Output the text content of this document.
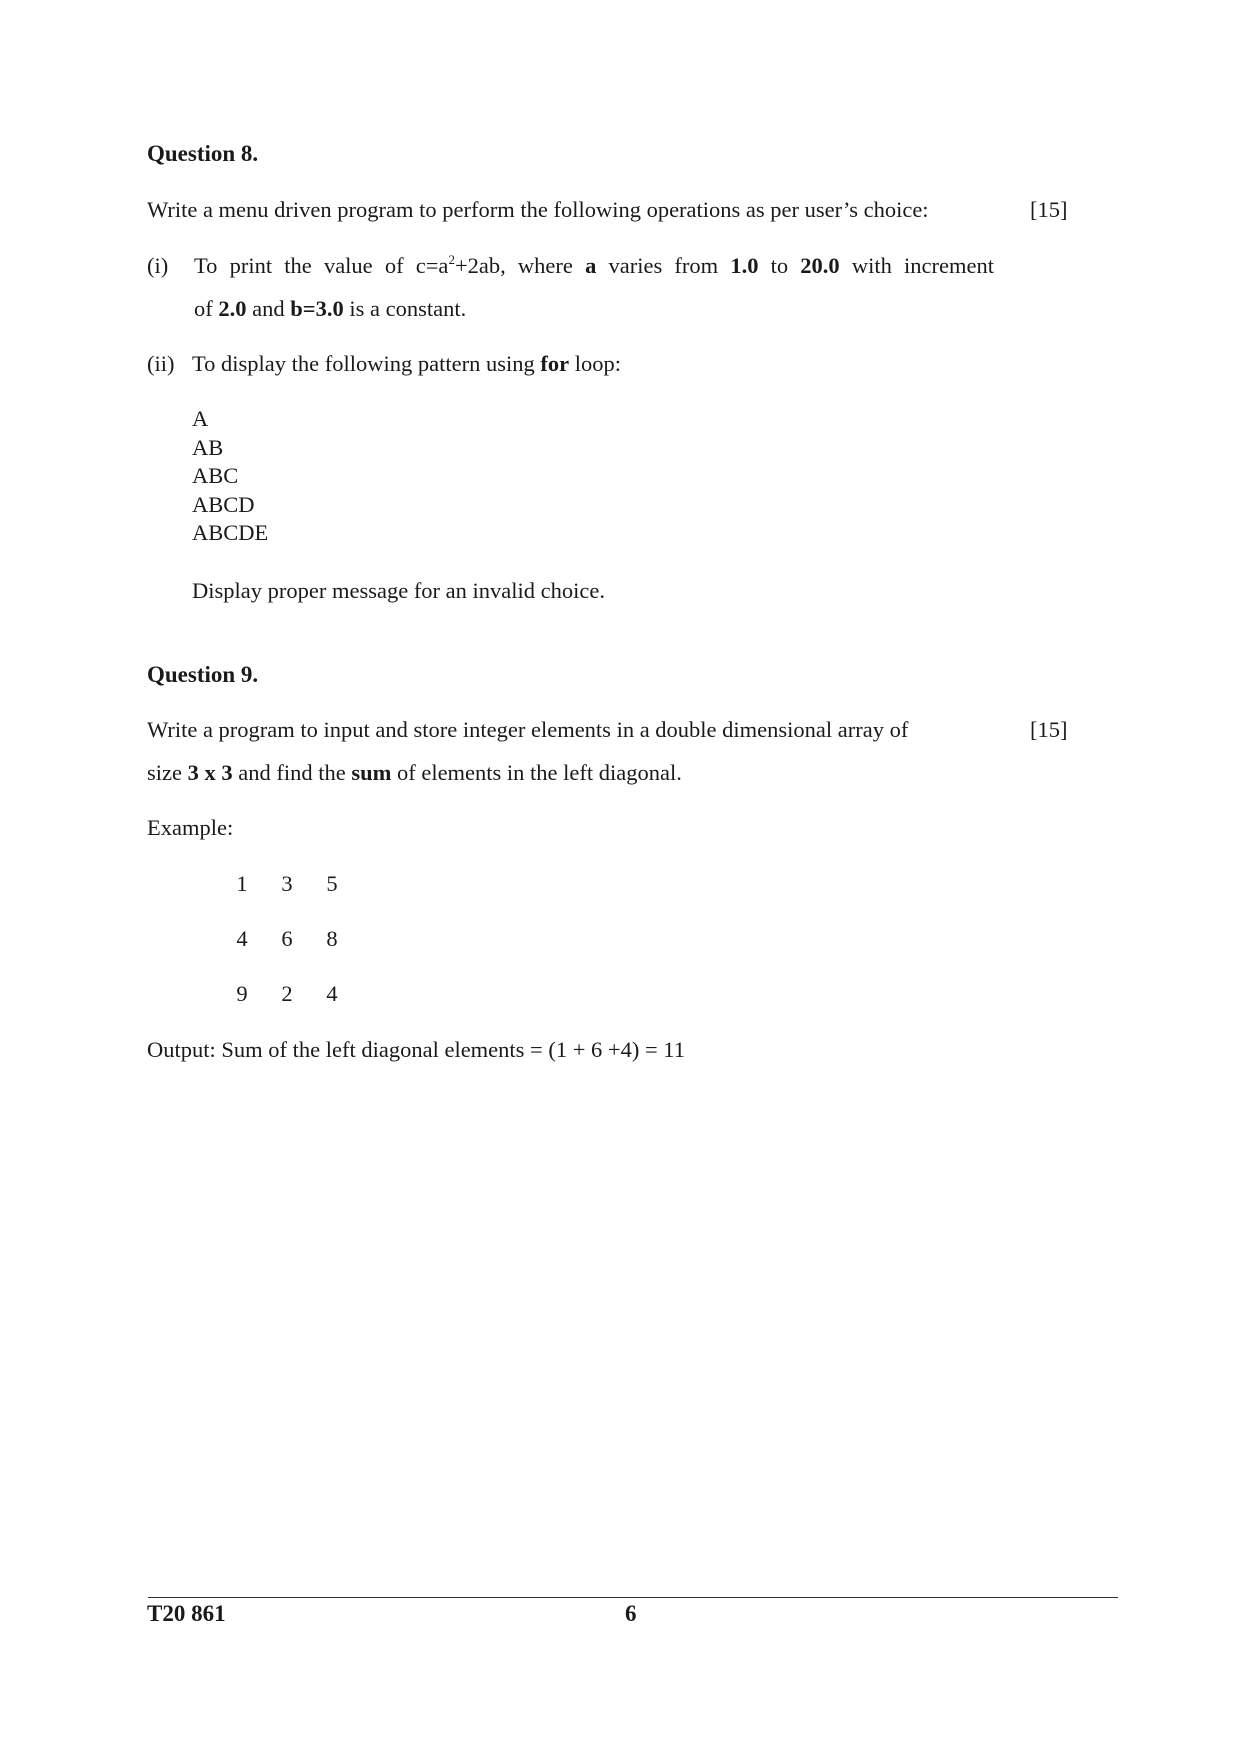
Question 8.
Write a menu driven program to perform the following operations as per user’s choice:	[15]
(i) To print the value of $c=a^2+2ab$, where a varies from 1.0 to 20.0 with increment
of 2.0 and b=3.0 is a constant.
(ii) To display the following pattern using for loop:
A
AB
ABC
ABCD
ABCDE
Display proper message for an invalid choice.
Question 9.
Write a program to input and store integer elements in a double dimensional array of	[15]
size 3 x 3 and find the sum of elements in the left diagonal.
Example:
1 3 5
4 6 8
9 2 4
Output: Sum of the left diagonal elements = (1 + 6 +4) = 11
T20 861	6
